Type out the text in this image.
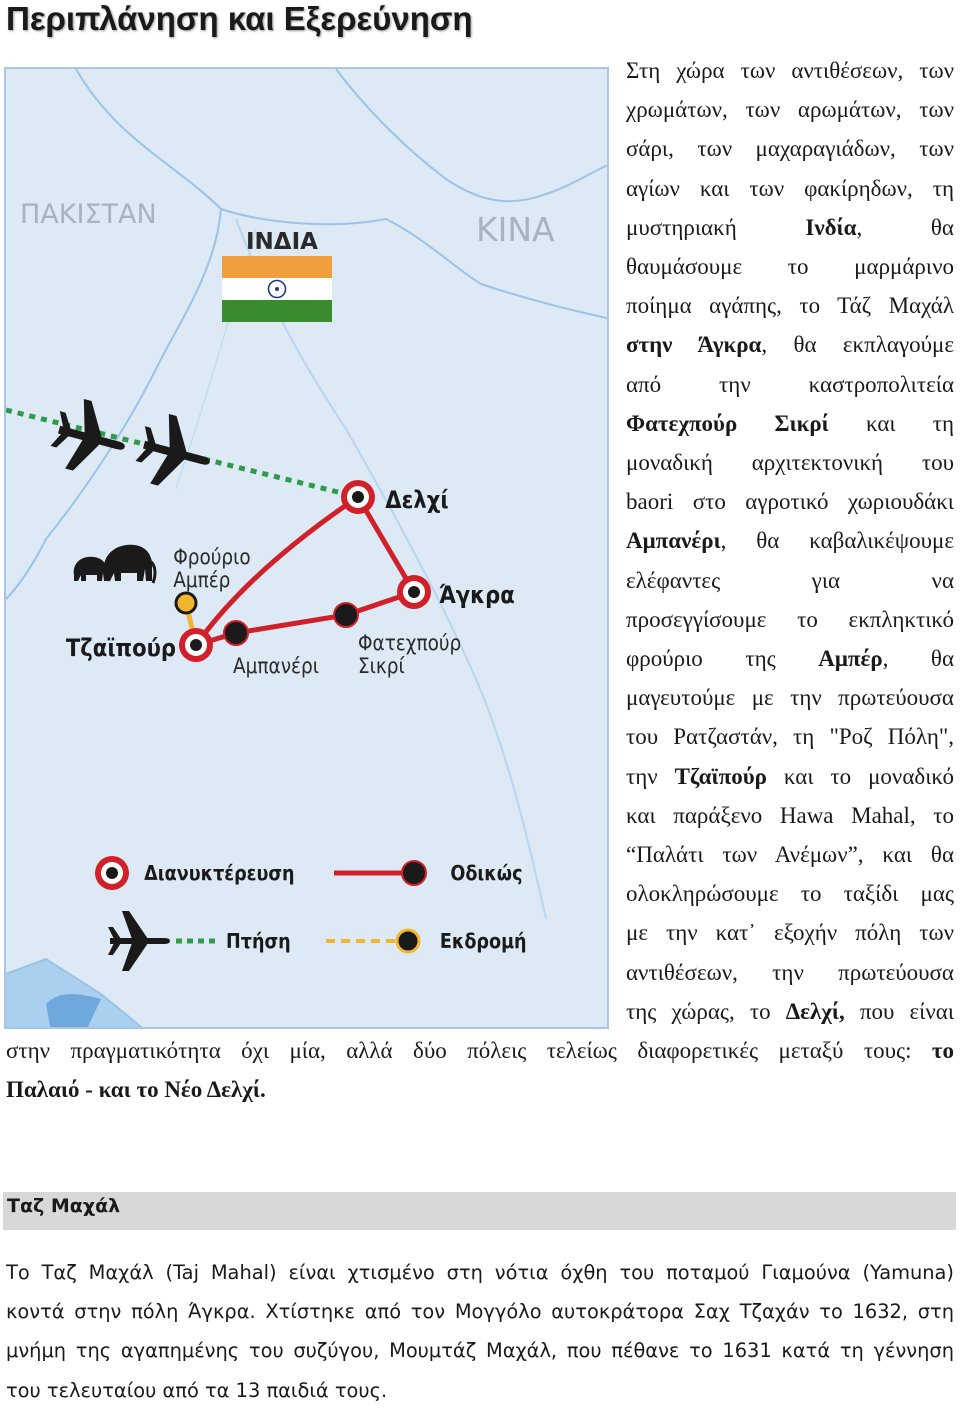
Περιπλάνηση και Εξερεύνηση
ΠΑΚΙΣΤΑΝ	ΚΙΝΑ
ΙΝΔΙΑ
Δελχί
Άγκρα
Τζαϊπούρ
Φρούριο
Αμπέρ
Αμπανέρι
Φατεχπούρ
Σικρί
Διανυκτέρευση	Οδικώς
Πτήση	Εκδρομή
Στη χώρα των αντιθέσεων, των
χρωμάτων, των αρωμάτων, των
σάρι, των μαχαραγιάδων, των
αγίων και των φακίρηδων, τη
μυστηριακή Ινδία, θα
θαυμάσουμε το μαρμάρινο
ποίημα αγάπης, το Τάζ Μαχάλ
στην Άγκρα, θα εκπλαγούμε
από την καστροπολιτεία
Φατεχπούρ Σικρί και τη
μοναδική αρχιτεκτονική του
baori στο αγροτικό χωριουδάκι
Αμπανέρι, θα καβαλικέψουμε
ελέφαντες για να
προσεγγίσουμε το εκπληκτικό
φρούριο της Αμπέρ, θα
μαγευτούμε με την πρωτεύουσα
του Ρατζαστάν, τη "Ροζ Πόλη",
την Τζαϊπούρ και το μοναδικό
και παράξενο Hawa Mahal, το
“Παλάτι των Ανέμων”, και θα
ολοκληρώσουμε το ταξίδι μας
με την κατ᾽ εξοχήν πόλη των
αντιθέσεων, την πρωτεύουσα
της χώρας, το Δελχί, που είναι
στην πραγματικότητα όχι μία, αλλά δύο πόλεις τελείως διαφορετικές μεταξύ τους: το
Παλαιό - και το Νέο Δελχί.
Ταζ Μαχάλ
Το Ταζ Μαχάλ (Taj Mahal) είναι χτισμένο στη νότια όχθη του ποταμού Γιαμούνα (Yamuna)
κοντά στην πόλη Άγκρα. Χτίστηκε από τον Μογγόλο αυτοκράτορα Σαχ Τζαχάν το 1632, στη
μνήμη της αγαπημένης του συζύγου, Μουμτάζ Μαχάλ, που πέθανε το 1631 κατά τη γέννηση
του τελευταίου από τα 13 παιδιά τους.
